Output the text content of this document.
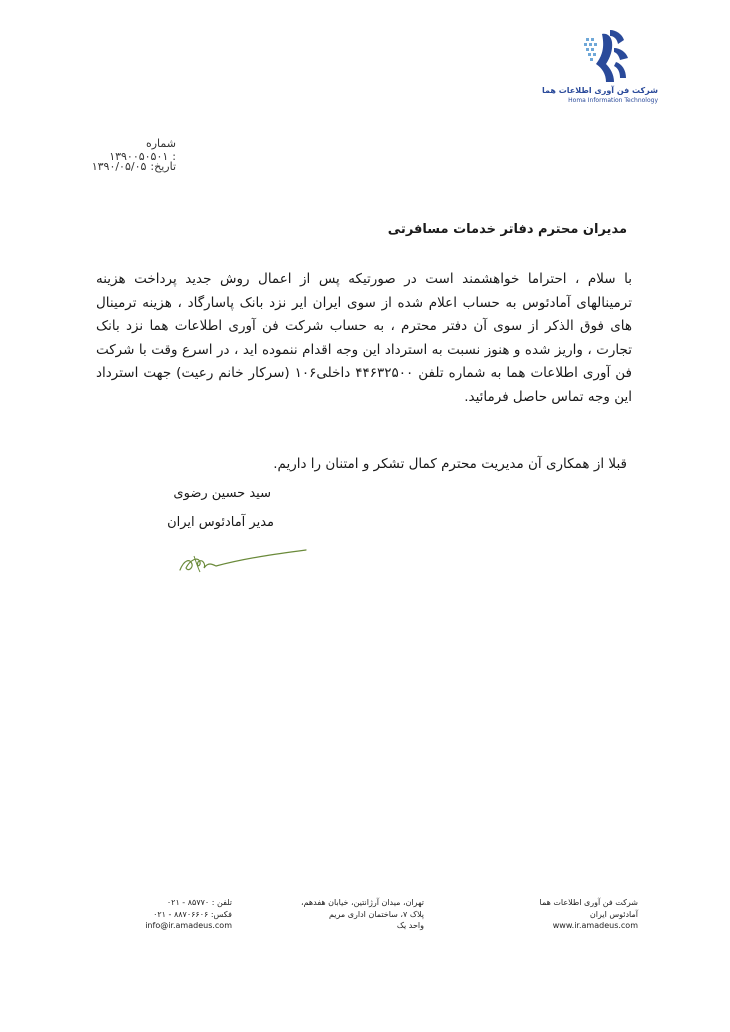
شرکت فن آوری اطلاعات هما
Homa Information Technology
شماره :۱۳۹۰۰۵۰۵۰۱
تاریخ:۱۳۹۰/۰۵/۰۵
مدیران محترم دفاتر خدمات مسافرتی

با سلام ، احتراما خواهشمند است در صورتیکه پس از اعمال روش جدید پرداخت هزینه ترمینالهای آمادئوس به حساب اعلام شده از سوی ایران ایر نزد بانک پاسارگاد ، هزینه ترمینال های فوق الذکر از سوی آن دفتر محترم ، به حساب شرکت فن آوری اطلاعات هما نزد بانک تجارت ، واریز شده و هنوز نسبت به استرداد این وجه اقدام ننموده اید ، در اسرع وقت با شرکت فن آوری اطلاعات هما به شماره تلفن ۴۴۶۳۲۵۰۰ داخلی۱۰۶ (سرکار خانم رعیت) جهت استرداد این وجه تماس حاصل فرمائید.

قبلا از همکاری آن مدیریت محترم کمال تشکر و امتنان را داریم.
سید حسین رضوی
مدیر آمادئوس ایران
شرکت فن آوری اطلاعات هما
آمادئوس ایران
www.ir.amadeus.com
تهران، میدان آرژانتین، خیابان هفدهم،
پلاک ۷، ساختمان اداری مریم
واحد یک
تلفن : ۸۵۷۷۰ - ۰۲۱
فکس: ۸۸۷۰۶۶۰۶ - ۰۲۱
info@ir.amadeus.com
